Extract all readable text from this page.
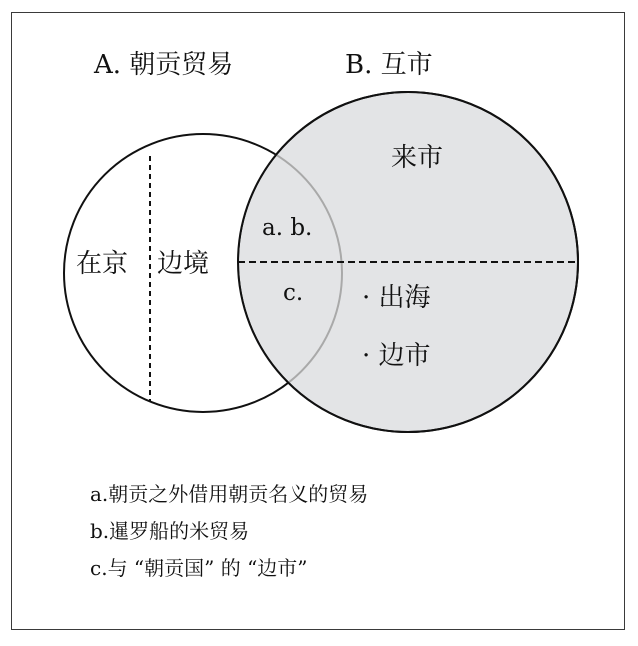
A. 朝贡贸易	B. 互市
在京 边境
来市
· 出海
· 边市
a. b.
c.
a.朝贡之外借用朝贡名义的贸易
b.暹罗船的米贸易
c.与 “朝贡国” 的 “边市”
